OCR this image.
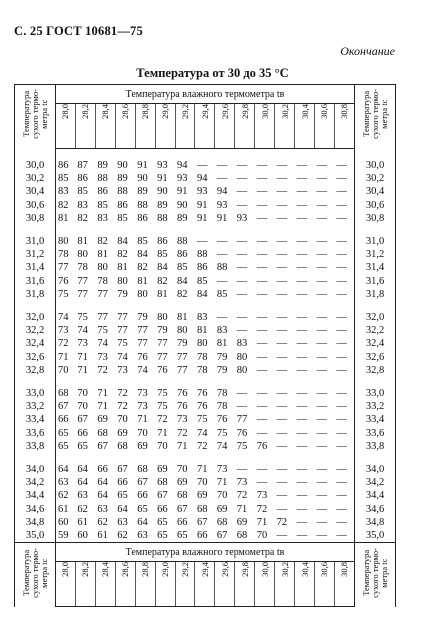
С. 25 ГОСТ 10681—75
Окончание
Температура от 30 до 35 °С
Температура
сухого термо-
метра tс	Температура влажного термометра tв															Температура
сухого термо-
метра tс
	28,0	28,2	28,4	28,6	28,8	29,0	29,2	29,4	29,6	29,8	30,0	30,2	30,4	30,6	30,8	

30,0	86	87	89	90	91	93	94	—	—	—	—	—	—	—	—	30,0
30,2	85	86	88	89	90	91	93	94	—	—	—	—	—	—	—	30,2
30,4	83	85	86	88	89	90	91	93	94	—	—	—	—	—	—	30,4
30,6	82	83	85	86	88	89	90	91	93	—	—	—	—	—	—	30,6
30,8	81	82	83	85	86	88	89	91	91	93	—	—	—	—	—	30,8

31,0	80	81	82	84	85	86	88	—	—	—	—	—	—	—	—	31,0
31,2	78	80	81	82	84	85	86	88	—	—	—	—	—	—	—	31,2
31,4	77	78	80	81	82	84	85	86	88	—	—	—	—	—	—	31,4
31,6	76	77	78	80	81	82	84	85	—	—	—	—	—	—	—	31,6
31,8	75	77	77	79	80	81	82	84	85	—	—	—	—	—	—	31,8

32,0	74	75	77	77	79	80	81	83	—	—	—	—	—	—	—	32,0
32,2	73	74	75	77	77	79	80	81	83	—	—	—	—	—	—	32,2
32,4	72	73	74	75	77	77	79	80	81	83	—	—	—	—	—	32,4
32,6	71	71	73	74	76	77	77	78	79	80	—	—	—	—	—	32,6
32,8	70	71	72	73	74	76	77	78	79	80	—	—	—	—	—	32,8

33,0	68	70	71	72	73	75	76	76	78	—	—	—	—	—	—	33,0
33,2	67	70	71	72	73	75	76	76	78	—	—	—	—	—	—	33,2
33,4	66	67	69	70	71	72	73	75	76	77	—	—	—	—	—	33,4
33,6	65	66	68	69	70	71	72	74	75	76	—	—	—	—	—	33,6
33,8	65	65	67	68	69	70	71	72	74	75	76	—	—	—	—	33,8

34,0	64	64	66	67	68	69	70	71	73	—	—	—	—	—	—	34,0
34,2	63	64	64	66	67	68	69	70	71	73	—	—	—	—	—	34,2
34,4	62	63	64	65	66	67	68	69	70	72	73	—	—	—	—	34,4
34,6	61	62	63	64	65	66	67	68	69	71	72	—	—	—	—	34,6
34,8	60	61	62	63	64	65	66	67	68	69	71	72	—	—	—	34,8
35,0	59	60	61	62	63	65	65	66	67	68	70	—	—	—	—	35,0
Температура
сухого термо-
метра tс	Температура влажного термометра tв															Температура
сухого термо-
метра tс
	28,0	28,2	28,4	28,6	28,8	29,0	29,2	29,4	29,6	29,8	30,0	30,2	30,4	30,6	30,8	
